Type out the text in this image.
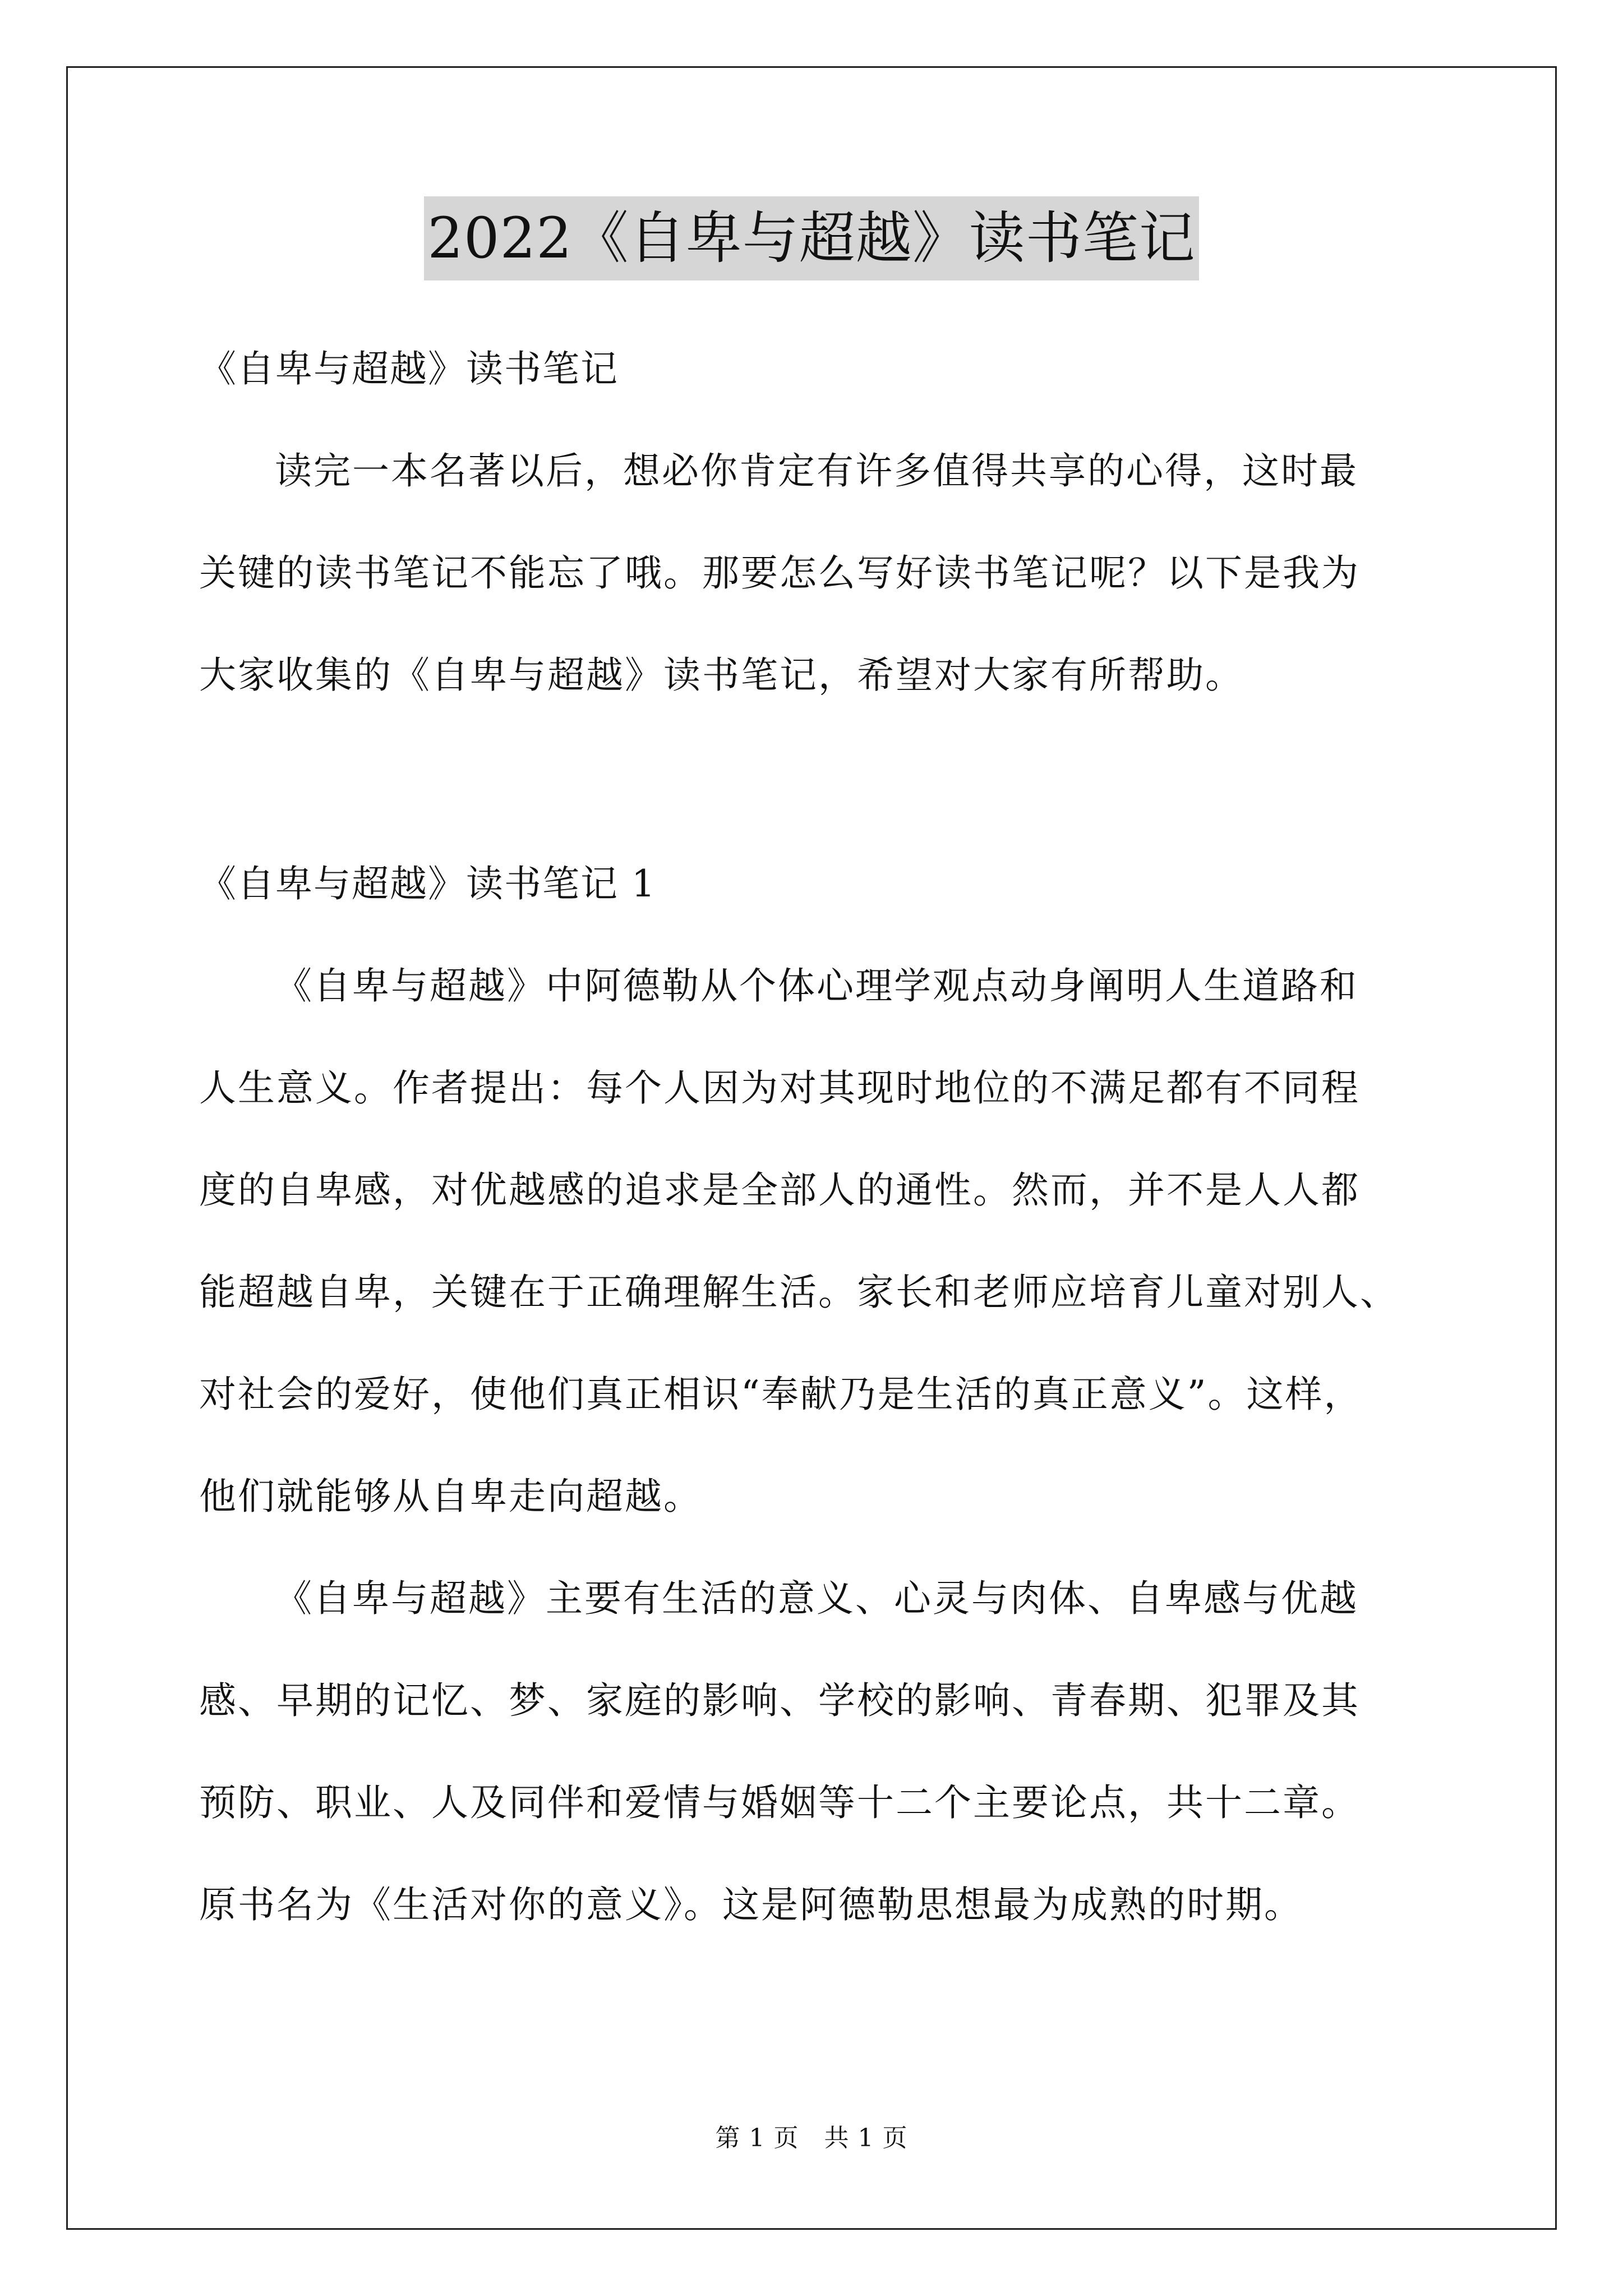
2022《自卑与超越》读书笔记
《自卑与超越》读书笔记
读完一本名著以后，想必你肯定有许多值得共享的心得，这时最
关键的读书笔记不能忘了哦。那要怎么写好读书笔记呢？以下是我为
大家收集的《自卑与超越》读书笔记，希望对大家有所帮助。
《自卑与超越》读书笔记 1
《自卑与超越》中阿德勒从个体心理学观点动身阐明人生道路和
人生意义。作者提出：每个人因为对其现时地位的不满足都有不同程
度的自卑感，对优越感的追求是全部人的通性。然而，并不是人人都
能超越自卑，关键在于正确理解生活。家长和老师应培育儿童对别人、
对社会的爱好，使他们真正相识“奉献乃是生活的真正意义”。这样，
他们就能够从自卑走向超越。
《自卑与超越》主要有生活的意义、心灵与肉体、自卑感与优越
感、早期的记忆、梦、家庭的影响、学校的影响、青春期、犯罪及其
预防、职业、人及同伴和爱情与婚姻等十二个主要论点，共十二章。
原书名为《生活对你的意义》。这是阿德勒思想最为成熟的时期。
第 1 页　共 1 页
